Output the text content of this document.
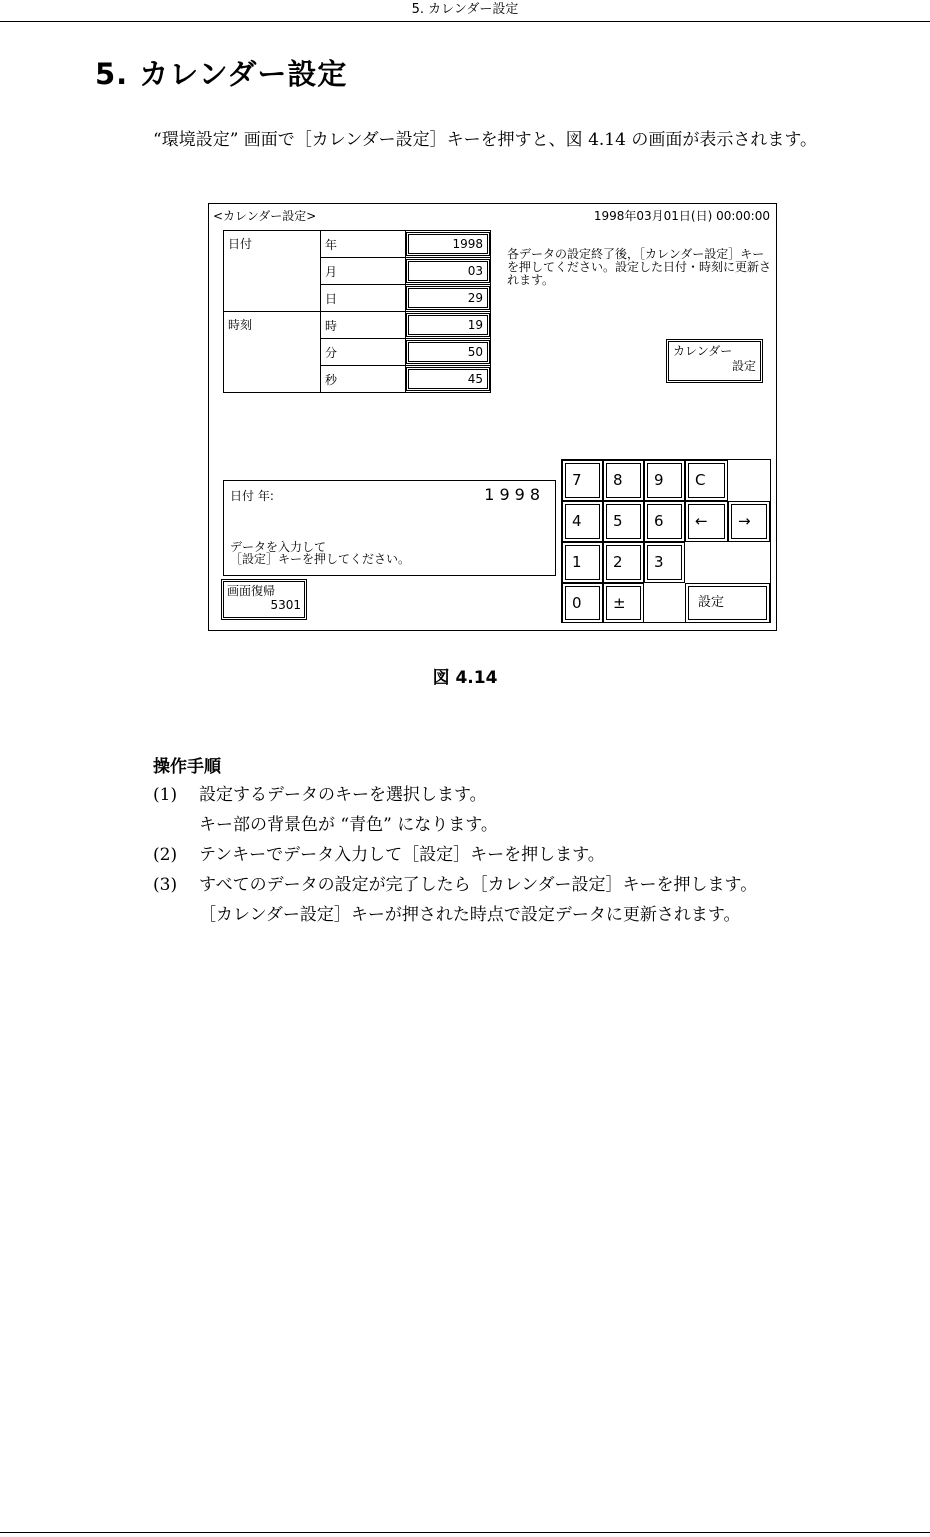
5. カレンダー設定
5. カレンダー設定

“環境設定” 画面で［カレンダー設定］キーを押すと、図 4.14 の画面が表示されます。

<カレンダー設定>	1998年03月01日(日) 00:00:00
日付	年	1998

	月	03

	日	29

時刻	時	19

	分	50

	秒	45

各データの設定終了後，［カレンダー設定］キーを押してください。設定した日付・時刻に更新されます。

カレンダー
設定
日付 年:	1998

データを入力して
［設定］キーを押してください。

画面復帰
5301
7	8	9	C
4	5	6	←	→
1	2	3
0	±	設定

図 4.14

操作手順
(1) 設定するデータのキーを選択します。
キー部の背景色が “青色” になります。
(2) テンキーでデータ入力して［設定］キーを押します。
(3) すべてのデータの設定が完了したら［カレンダー設定］キーを押します。
［カレンダー設定］キーが押された時点で設定データに更新されます。
